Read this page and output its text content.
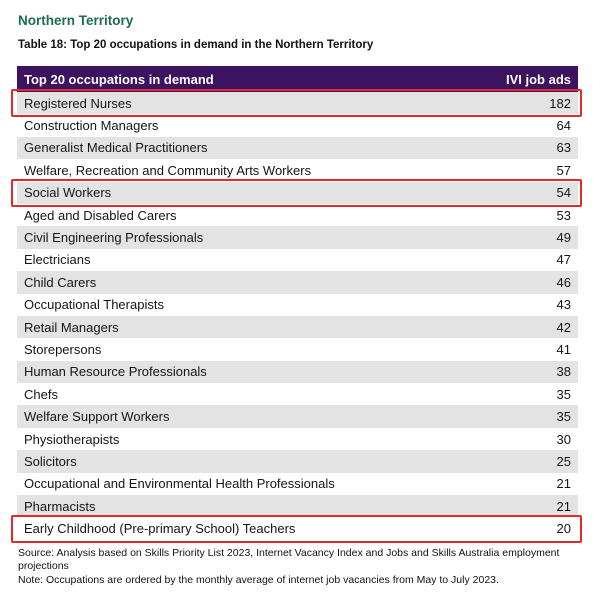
Northern Territory
Table 18: Top 20 occupations in demand in the Northern Territory
Top 20 occupations in demand	IVI job ads
Registered Nurses	182
Construction Managers	64
Generalist Medical Practitioners	63
Welfare, Recreation and Community Arts Workers	57
Social Workers	54
Aged and Disabled Carers	53
Civil Engineering Professionals	49
Electricians	47
Child Carers	46
Occupational Therapists	43
Retail Managers	42
Storepersons	41
Human Resource Professionals	38
Chefs	35
Welfare Support Workers	35
Physiotherapists	30
Solicitors	25
Occupational and Environmental Health Professionals	21
Pharmacists	21
Early Childhood (Pre-primary School) Teachers	20
Source: Analysis based on Skills Priority List 2023, Internet Vacancy Index and Jobs and Skills Australia employment projections
Note: Occupations are ordered by the monthly average of internet job vacancies from May to July 2023.
